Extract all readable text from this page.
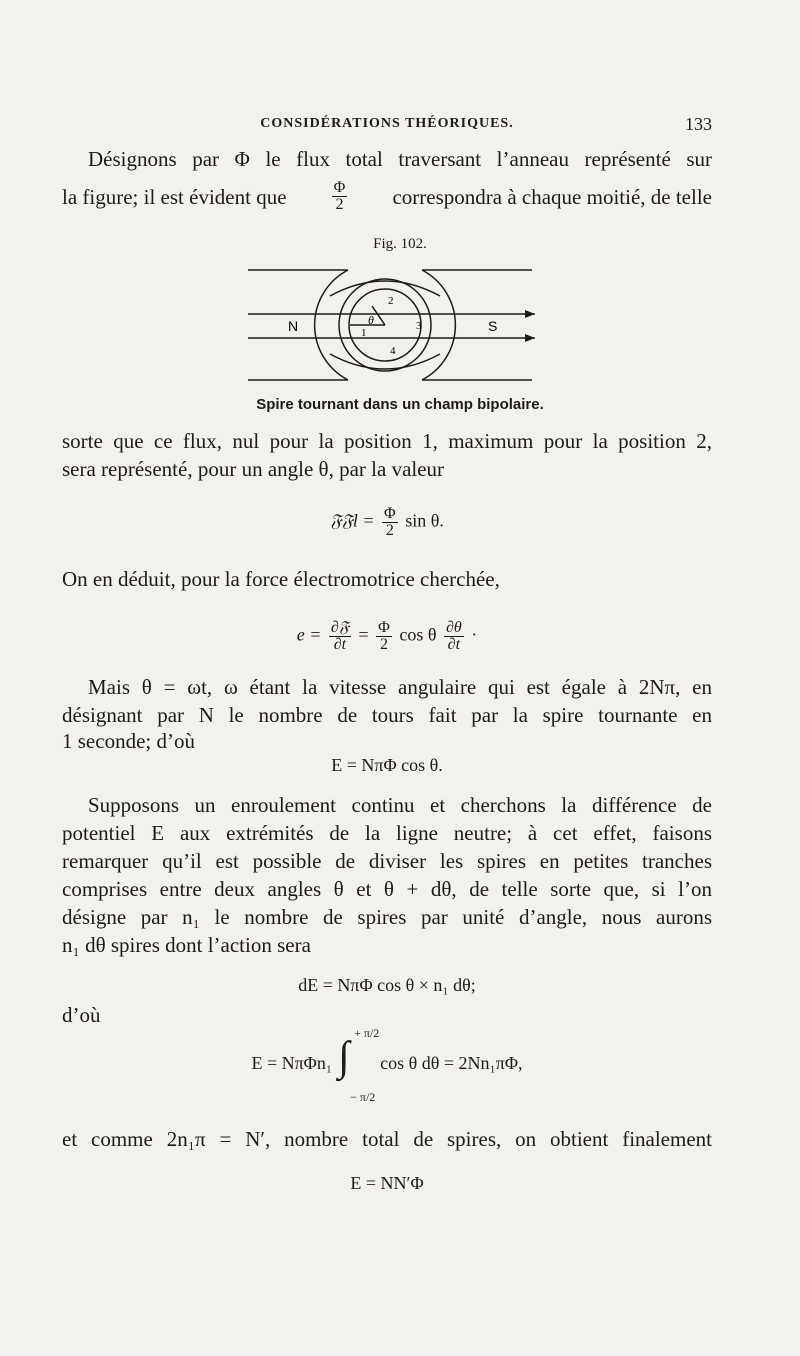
CONSIDÉRATIONS THÉORIQUES.	133
Désignons par Φ le flux total traversant l’anneau représenté sur
la figure; il est évident que	$\frac{\Phi}{2}$ correspondra à chaque moitié, de telle
Fig. 102.
N	S
θ
1
2
3
4
Spire tournant dans un champ bipolaire.
sorte que ce flux, nul pour la position 1, maximum pour la position 2,
sera représenté, pour un angle θ, par la valeur
𝔉𝔉l = $\frac{\Phi}{2}$ sin θ.
On en déduit, pour la force électromotrice cherchée,
$e = \frac{\text{∂𝔉}}{\partial t} = \frac{\Phi}{2}$ cos θ $\frac{\partial\theta}{\partial t}$ ·
Mais θ = ωt, ω étant la vitesse angulaire qui est égale à 2Nπ, en
désignant par N le nombre de tours fait par la spire tournante en
1 seconde; d’où
E = NπΦ cos θ.
Supposons un enroulement continu et cherchons la différence de
potentiel E aux extrémités de la ligne neutre; à cet effet, faisons
remarquer qu’il est possible de diviser les spires en petites tranches
comprises entre deux angles θ et θ + dθ, de telle sorte que, si l’on
désigne par n₁ le nombre de spires par unité d’angle, nous aurons
n₁ dθ spires dont l’action sera
dE = NπΦ cos θ × n₁ dθ;
d’où
E = NπΦn₁ ∫
+ π/2
− π/2
cos θ dθ = 2Nn₁πΦ,
et comme 2n₁π = N′, nombre total de spires, on obtient finalement
E = NN′Φ
